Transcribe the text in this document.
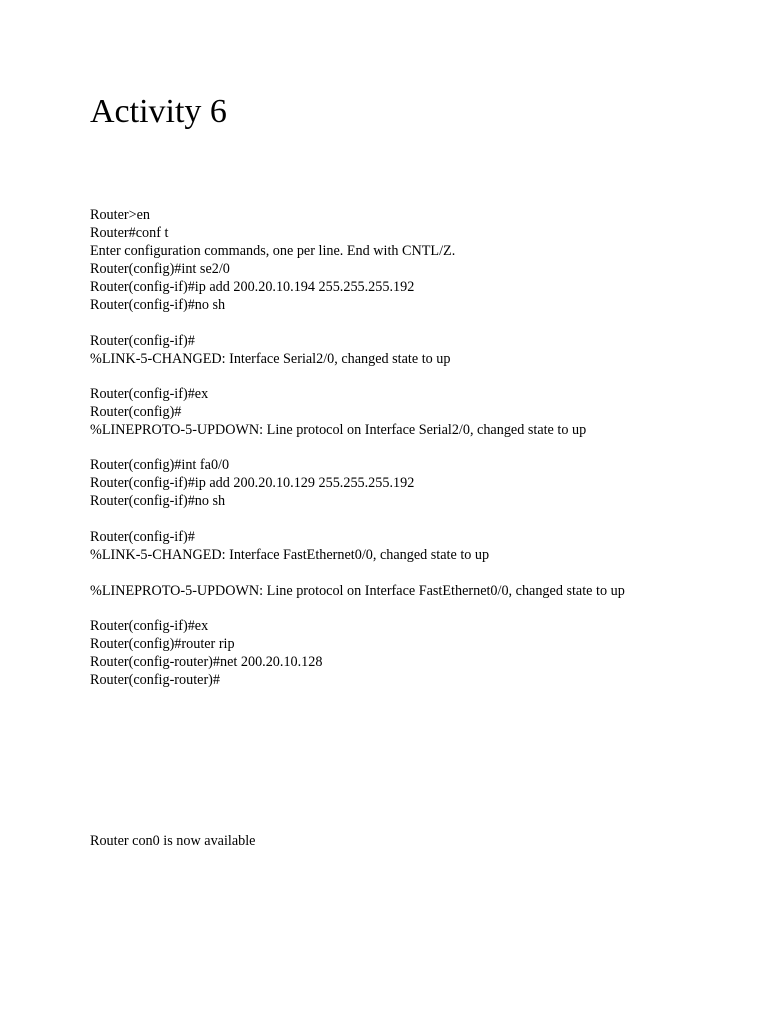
Activity 6
Router>en
Router#conf t
Enter configuration commands, one per line. End with CNTL/Z.
Router(config)#int se2/0
Router(config-if)#ip add 200.20.10.194 255.255.255.192
Router(config-if)#no sh
Router(config-if)#
%LINK-5-CHANGED: Interface Serial2/0, changed state to up
Router(config-if)#ex
Router(config)#
%LINEPROTO-5-UPDOWN: Line protocol on Interface Serial2/0, changed state to up
Router(config)#int fa0/0
Router(config-if)#ip add 200.20.10.129 255.255.255.192
Router(config-if)#no sh
Router(config-if)#
%LINK-5-CHANGED: Interface FastEthernet0/0, changed state to up
%LINEPROTO-5-UPDOWN: Line protocol on Interface FastEthernet0/0, changed state to up
Router(config-if)#ex
Router(config)#router rip
Router(config-router)#net 200.20.10.128
Router(config-router)#
Router con0 is now available
